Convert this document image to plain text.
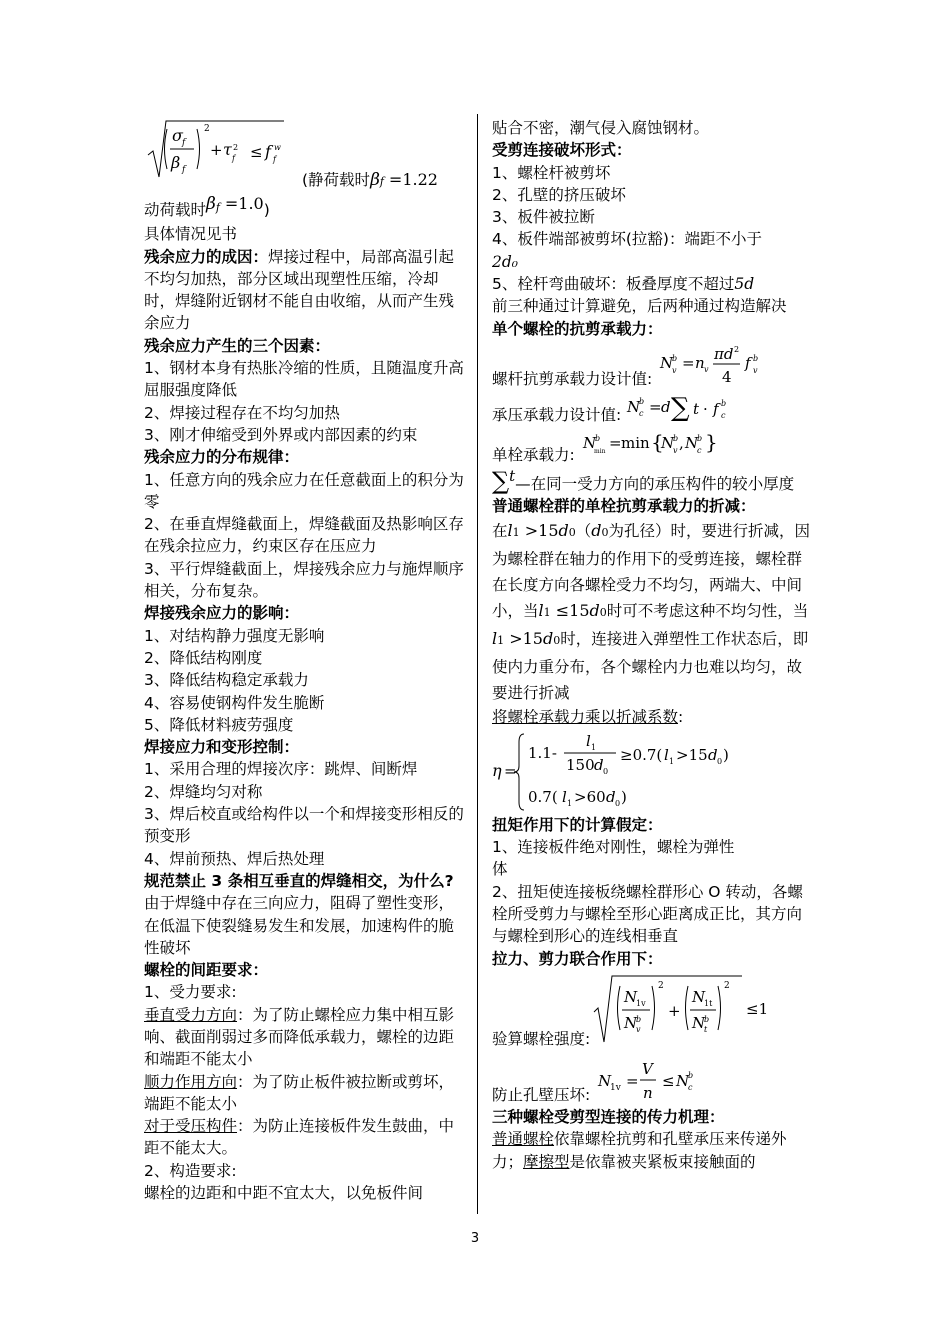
σ f
β f
2
+ τ 2
f ≤ f w
f
(静荷载时βf =1.22
动荷载时$\beta^f =1.0$)
具体情况见书
残余应力的成因：焊接过程中，局部高温引起不均匀加热，部分区域出现塑性压缩，冷却时，焊缝附近钢材不能自由收缩，从而产生残余应力
残余应力产生的三个因素：
1、钢材本身有热胀冷缩的性质，且随温度升高屈服强度降低
2、焊接过程存在不均匀加热
3、刚才伸缩受到外界或内部因素的约束
残余应力的分布规律：
1、任意方向的残余应力在任意截面上的积分为零
2、在垂直焊缝截面上，焊缝截面及热影响区存在残余拉应力，约束区存在压应力
3、平行焊缝截面上，焊接残余应力与施焊顺序相关，分布复杂。
焊接残余应力的影响：
1、对结构静力强度无影响
2、降低结构刚度
3、降低结构稳定承载力
4、容易使钢构件发生脆断
5、降低材料疲劳强度
焊接应力和变形控制：
1、采用合理的焊接次序：跳焊、间断焊
2、焊缝均匀对称
3、焊后校直或给构件以一个和焊接变形相反的预变形
4、焊前预热、焊后热处理
规范禁止 3 条相互垂直的焊缝相交，为什么?
由于焊缝中存在三向应力，阻碍了塑性变形，在低温下使裂缝易发生和发展，加速构件的脆性破坏
螺栓的间距要求：
1、受力要求:
垂直受力方向：为了防止螺栓应力集中相互影响、截面削弱过多而降低承载力，螺栓的边距和端距不能太小
顺力作用方向：为了防止板件被拉断或剪坏，端距不能太小
对于受压构件：为防止连接板件发生鼓曲，中距不能太大。
2、构造要求:
螺栓的边距和中距不宜太大，以免板件间
贴合不密，潮气侵入腐蚀钢材。
受剪连接破坏形式：
1、螺栓杆被剪坏
2、孔壁的挤压破坏
3、板件被拉断
4、板件端部被剪坏(拉豁)：端距不小于
2d₀
5、栓杆弯曲破坏：板叠厚度不超过5d
前三种通过计算避免，后两种通过构造解决
单个螺栓的抗剪承载力：
螺杆抗剪承载力设计值:
N
b
v = n v
πd 2
4
f b
v
承压承载力设计值: N
b
c = d ∑ t · f b
c
单栓承载力:
N
b
min = min {
N
b
v , N
b
c }
∑t—在同一受力方向的承压构件的较小厚度
普通螺栓群的单栓抗剪承载力的折减：
在l1 >15d0（d0为孔径）时，要进行折减，因为螺栓群在轴力的作用下的受剪连接，螺栓群在长度方向各螺栓受力不均匀，两端大、中间小，当l1 ≤15d0时可不考虑这种不均匀性，当l1 >15d0时，连接进入弹塑性工作状态后，即使内力重分布，各个螺栓内力也难以均匀，故要进行折减
将螺栓承载力乘以折减系数:
η =
1.1-
l 1
150 d 0
≥0.7( l 1 >15 d 0 )
0.7( l 1 >60 d 0 )
扭矩作用下的计算假定：
1、连接板件绝对刚性，螺栓为弹性体
2、扭矩使连接板绕螺栓群形心 O 转动，各螺栓所受剪力与螺栓至形心距离成正比，其方向与螺栓到形心的连线相垂直
拉力、剪力联合作用下：
验算螺栓强度:
N
1v
N
b
v
2
+
N
1t
N
b
t
2
≤1
防止孔壁压坏:
N
1v =
V
n
≤ N
b
c
三种螺栓受剪型连接的传力机理：
普通螺栓依靠螺栓抗剪和孔壁承压来传递外力；摩擦型是依靠被夹紧板束接触面的
3
